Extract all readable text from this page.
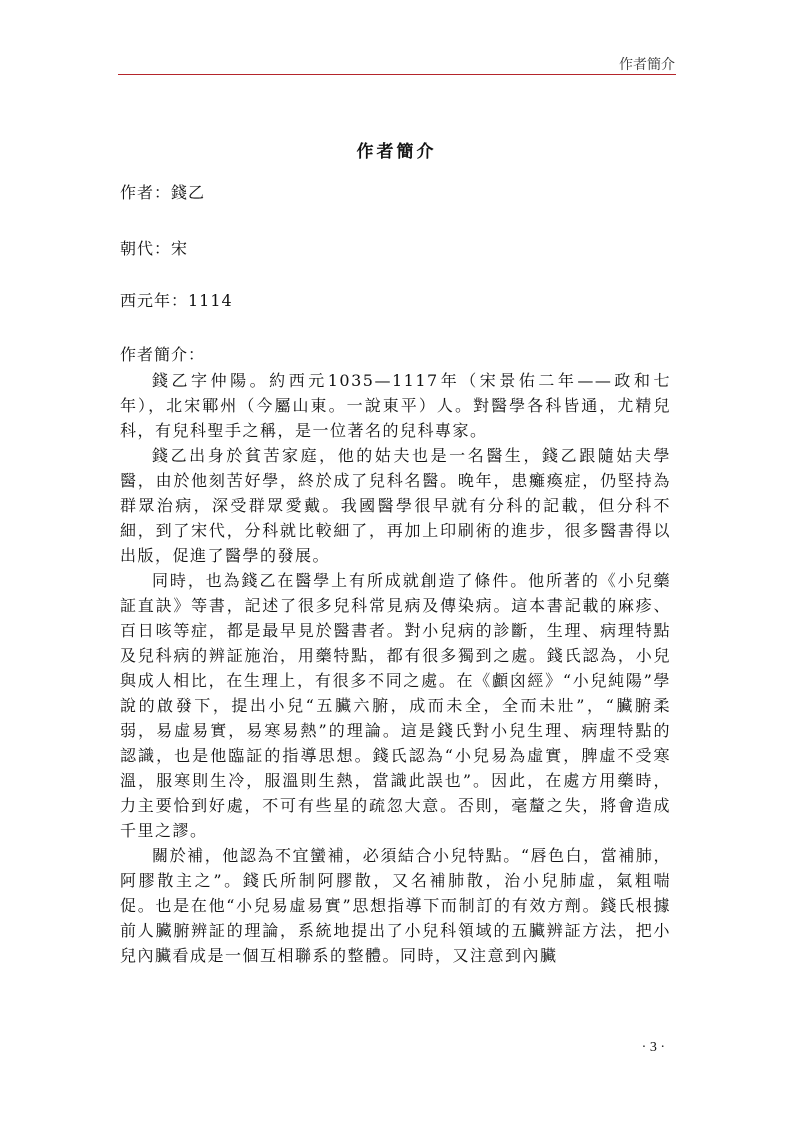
作者簡介
作者簡介
作者：錢乙
朝代：宋
西元年：1114
作者簡介：

錢乙字仲陽。約西元1035—1117年（宋景佑二年——政和七年），北宋鄆州（今屬山東。一說東平）人。對醫學各科皆通，尤精兒科，有兒科聖手之稱，是一位著名的兒科專家。

錢乙出身於貧苦家庭，他的姑夫也是一名醫生，錢乙跟隨姑夫學醫，由於他刻苦好學，終於成了兒科名醫。晚年，患癱瘓症，仍堅持為群眾治病，深受群眾愛戴。我國醫學很早就有分科的記載，但分科不細，到了宋代，分科就比較細了，再加上印刷術的進步，很多醫書得以出版，促進了醫學的發展。

同時，也為錢乙在醫學上有所成就創造了條件。他所著的《小兒藥証直訣》等書，記述了很多兒科常見病及傳染病。這本書記載的麻疹、百日咳等症，都是最早見於醫書者。對小兒病的診斷，生理、病理特點及兒科病的辨証施治，用藥特點，都有很多獨到之處。錢氏認為，小兒與成人相比，在生理上，有很多不同之處。在《顱囟經》“小兒純陽”學說的啟發下，提出小兒“五臟六腑，成而未全，全而未壯”，“臟腑柔弱，易虛易實，易寒易熱”的理論。這是錢氏對小兒生理、病理特點的認識，也是他臨証的指導思想。錢氏認為“小兒易為虛實，脾虛不受寒溫，服寒則生冷，服溫則生熱，當識此誤也”。因此，在處方用藥時，力主要恰到好處，不可有些星的疏忽大意。否則，毫釐之失，將會造成千里之謬。

關於補，他認為不宜蠻補，必須結合小兒特點。“唇色白，當補肺，阿膠散主之”。錢氏所制阿膠散，又名補肺散，治小兒肺虛，氣粗喘促。也是在他“小兒易虛易實”思想指導下而制訂的有效方劑。錢氏根據前人臟腑辨証的理論，系統地提出了小兒科領域的五臟辨証方法，把小兒內臟看成是一個互相聯系的整體。同時，又注意到內臟

· 3 ·
